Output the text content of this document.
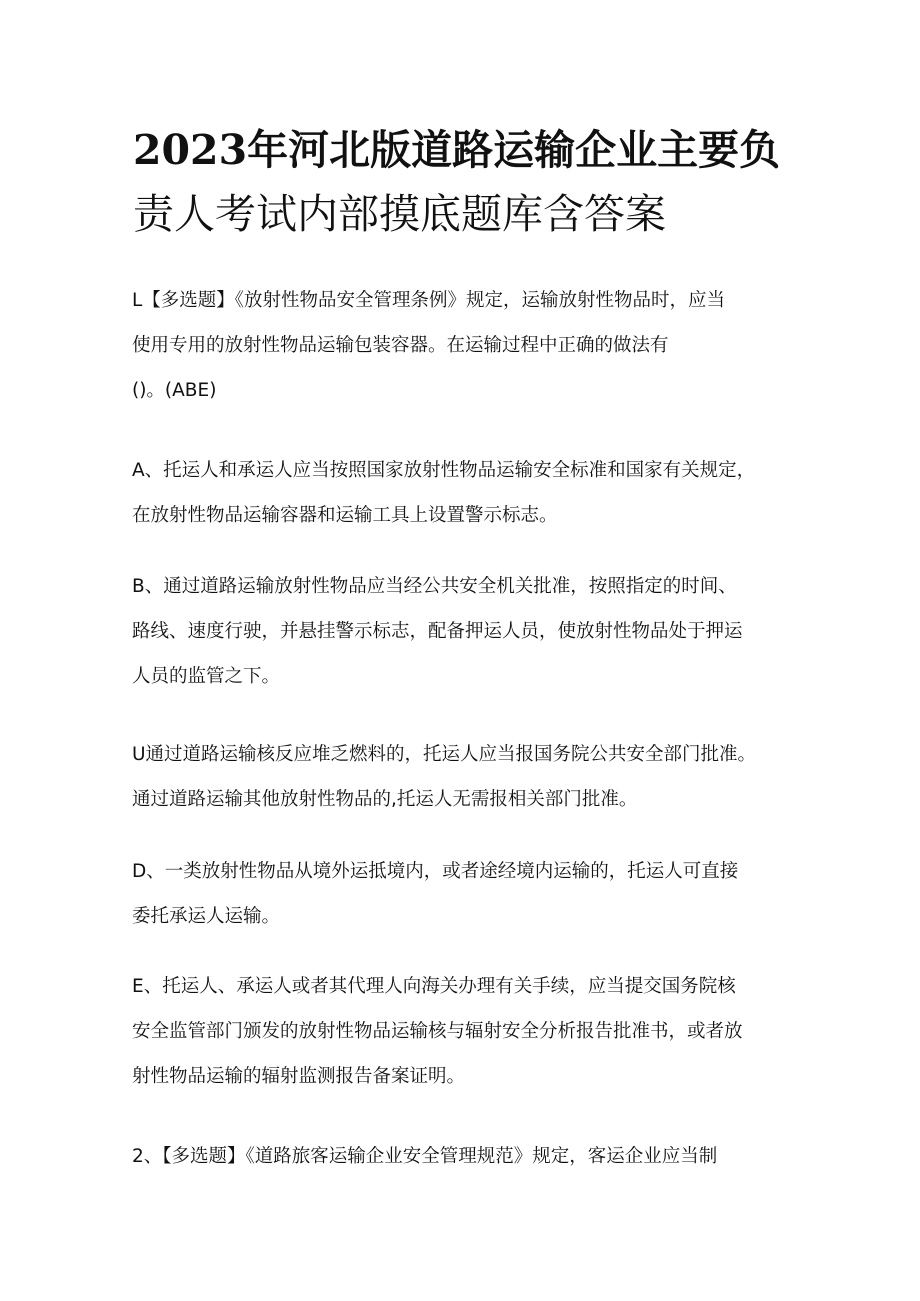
2023年河北版道路运输企业主要负
责人考试内部摸底题库含答案

L【多选题】《放射性物品安全管理条例》规定，运输放射性物品时，应当
使用专用的放射性物品运输包装容器。在运输过程中正确的做法有
()。(ABE)

A、托运人和承运人应当按照国家放射性物品运输安全标准和国家有关规定，
在放射性物品运输容器和运输工具上设置警示标志。

B、通过道路运输放射性物品应当经公共安全机关批准，按照指定的时间、
路线、速度行驶，并悬挂警示标志，配备押运人员，使放射性物品处于押运
人员的监管之下。

U通过道路运输核反应堆乏燃料的，托运人应当报国务院公共安全部门批准。
通过道路运输其他放射性物品的,托运人无需报相关部门批准。

D、一类放射性物品从境外运抵境内，或者途经境内运输的，托运人可直接
委托承运人运输。

E、托运人、承运人或者其代理人向海关办理有关手续，应当提交国务院核
安全监管部门颁发的放射性物品运输核与辐射安全分析报告批准书，或者放
射性物品运输的辐射监测报告备案证明。

2、【多选题】《道路旅客运输企业安全管理规范》规定，客运企业应当制
